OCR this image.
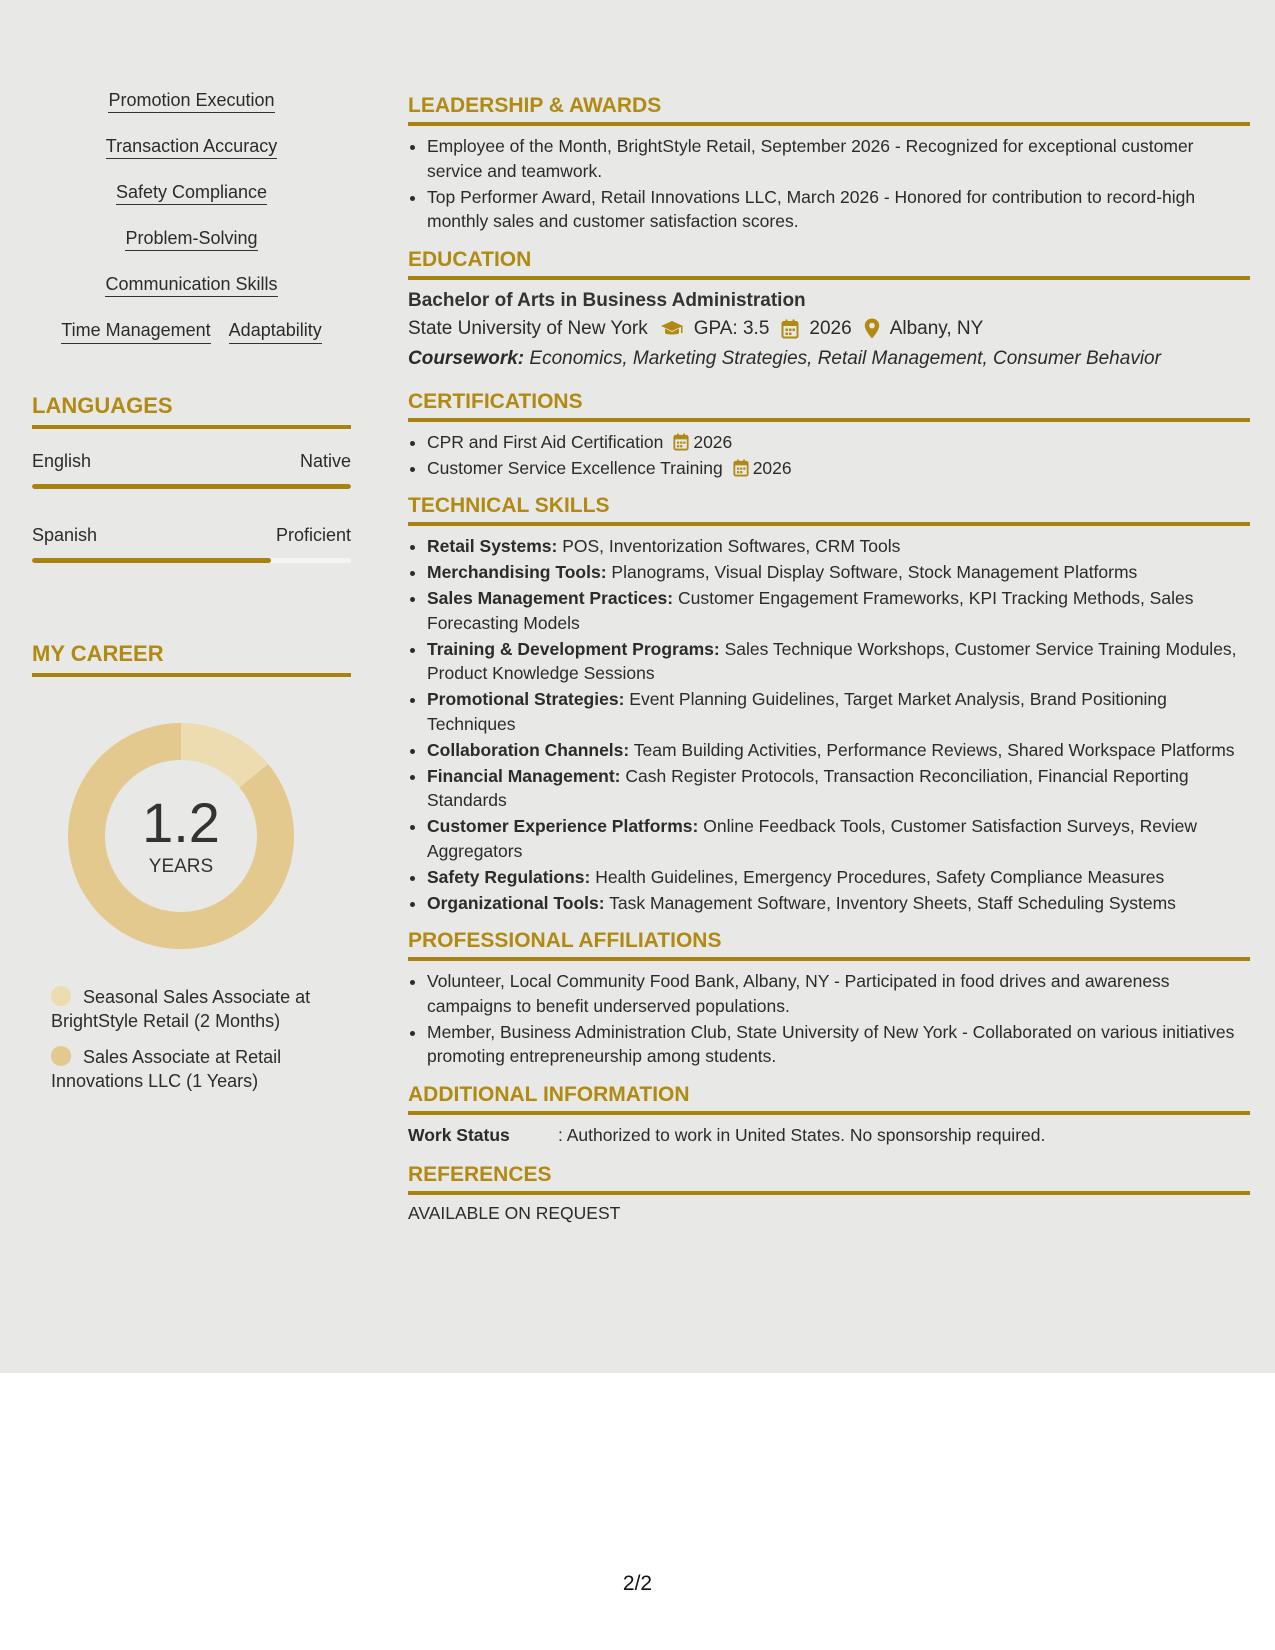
Promotion Execution
Transaction Accuracy
Safety Compliance
Problem-Solving
Communication Skills
Time Management Adaptability
LANGUAGES
English	Native
Spanish	Proficient
MY CAREER
1.2
YEARS
Seasonal Sales Associate at BrightStyle Retail (2 Months)
Sales Associate at Retail Innovations LLC (1 Years)
LEADERSHIP & AWARDS
• Employee of the Month, BrightStyle Retail, September 2026 - Recognized for exceptional customer service and teamwork.
• Top Performer Award, Retail Innovations LLC, March 2026 - Honored for contribution to record-high monthly sales and customer satisfaction scores.
EDUCATION
Bachelor of Arts in Business Administration
State University of New York GPA: 3.5 2026 Albany, NY
Coursework: Economics, Marketing Strategies, Retail Management, Consumer Behavior
CERTIFICATIONS
• CPR and First Aid Certification 2026
• Customer Service Excellence Training 2026
TECHNICAL SKILLS
• Retail Systems: POS, Inventorization Softwares, CRM Tools
• Merchandising Tools: Planograms, Visual Display Software, Stock Management Platforms
• Sales Management Practices: Customer Engagement Frameworks, KPI Tracking Methods, Sales Forecasting Models
• Training & Development Programs: Sales Technique Workshops, Customer Service Training Modules, Product Knowledge Sessions
• Promotional Strategies: Event Planning Guidelines, Target Market Analysis, Brand Positioning Techniques
• Collaboration Channels: Team Building Activities, Performance Reviews, Shared Workspace Platforms
• Financial Management: Cash Register Protocols, Transaction Reconciliation, Financial Reporting Standards
• Customer Experience Platforms: Online Feedback Tools, Customer Satisfaction Surveys, Review Aggregators
• Safety Regulations: Health Guidelines, Emergency Procedures, Safety Compliance Measures
• Organizational Tools: Task Management Software, Inventory Sheets, Staff Scheduling Systems
PROFESSIONAL AFFILIATIONS
• Volunteer, Local Community Food Bank, Albany, NY - Participated in food drives and awareness campaigns to benefit underserved populations.
• Member, Business Administration Club, State University of New York - Collaborated on various initiatives promoting entrepreneurship among students.
ADDITIONAL INFORMATION
Work Status	: Authorized to work in United States. No sponsorship required.
REFERENCES
AVAILABLE ON REQUEST
2/2
